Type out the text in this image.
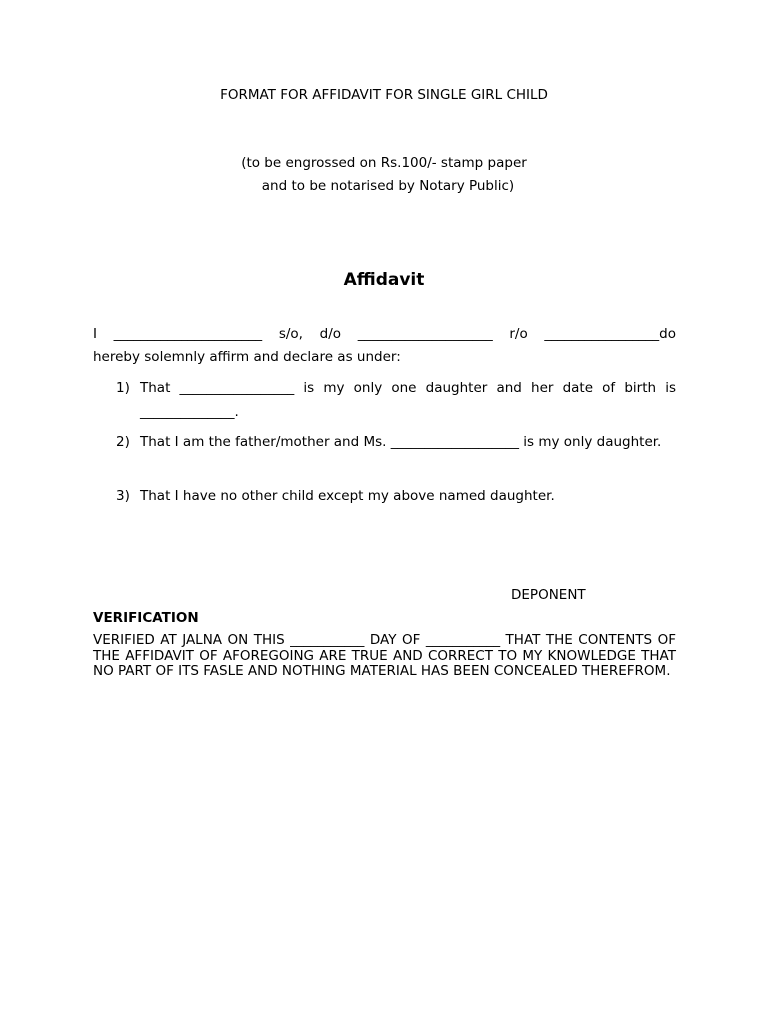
FORMAT FOR AFFIDAVIT FOR SINGLE GIRL CHILD
(to be engrossed on Rs.100/- stamp paper
and to be notarised by Notary Public)
Affidavit
I ______________________ s/o, d/o ____________________ r/o _________________do
hereby solemnly affirm and declare as under:
1) That _________________ is my only one daughter and her date of birth is ______________.
2) That I am the father/mother and Ms. ___________________ is my only daughter.
3) That I have no other child except my above named daughter.
DEPONENT
VERIFICATION
VERIFIED AT JALNA ON THIS ___________ DAY OF ___________ THAT THE CONTENTS OF THE AFFIDAVIT OF AFOREGOING ARE TRUE AND CORRECT TO MY KNOWLEDGE THAT NO PART OF ITS FASLE AND NOTHING MATERIAL HAS BEEN CONCEALED THEREFROM.
